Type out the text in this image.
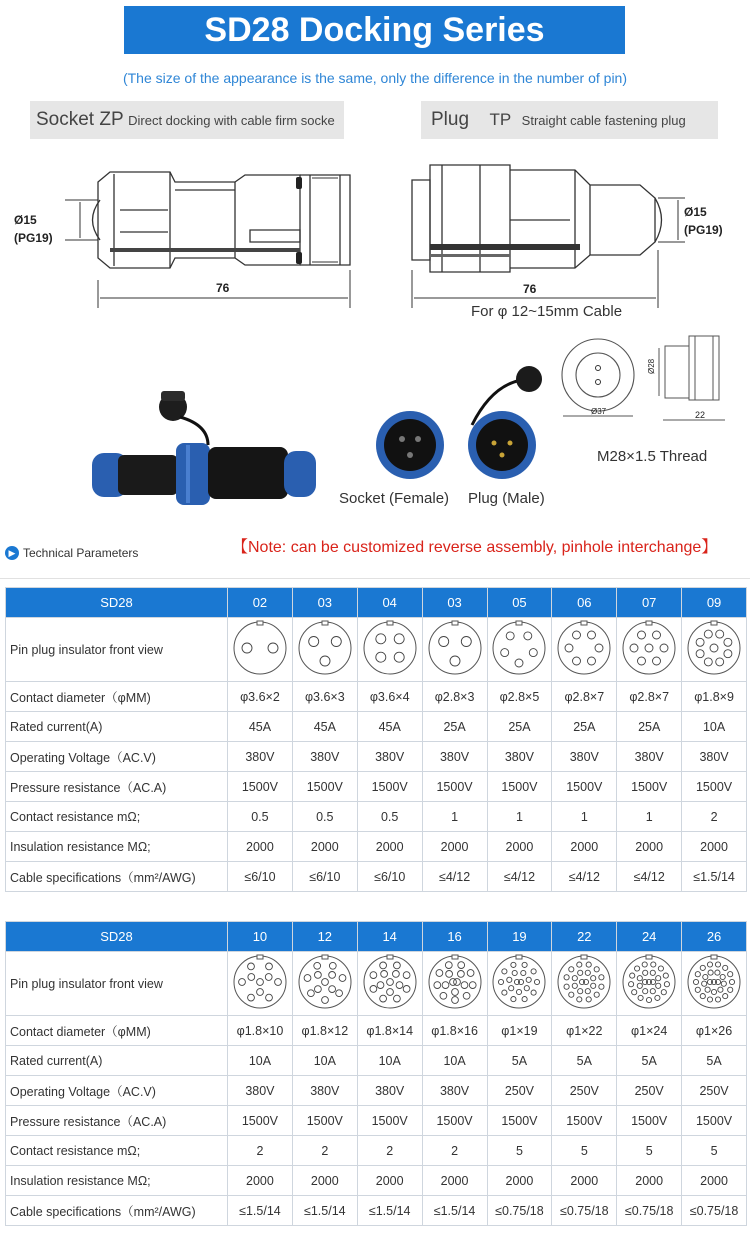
SD28 Docking Series
(The size of the appearance is the same, only the difference in the number of pin)
Socket ZP Direct docking with cable firm socke	Plug TP Straight cable fastening plug
Ø15
(PG19)
76
Ø15
(PG19)
76
For φ 12~15mm Cable
Ø37
Ø28
22
M28×1.5 Thread
Socket (Female) Plug (Male)
【Note: can be customized reverse assembly, pinhole interchange】
▶ Technical Parameters
SD28	02	03	04	03	05	06	07	09
Pin plug insulator front view								
Contact diameter（φMM)	φ3.6×2	φ3.6×3	φ3.6×4	φ2.8×3	φ2.8×5	φ2.8×7	φ2.8×7	φ1.8×9
Rated current(A)	45A	45A	45A	25A	25A	25A	25A	10A
Operating Voltage（AC.V)	380V	380V	380V	380V	380V	380V	380V	380V
Pressure resistance（AC.A)	1500V	1500V	1500V	1500V	1500V	1500V	1500V	1500V
Contact resistance mΩ;	0.5	0.5	0.5	1	1	1	1	2
Insulation resistance MΩ;	2000	2000	2000	2000	2000	2000	2000	2000
Cable specifications（mm²/AWG)	≤6/10	≤6/10	≤6/10	≤4/12	≤4/12	≤4/12	≤4/12	≤1.5/14
SD28	10	12	14	16	19	22	24	26
Pin plug insulator front view								
Contact diameter（φMM)	φ1.8×10	φ1.8×12	φ1.8×14	φ1.8×16	φ1×19	φ1×22	φ1×24	φ1×26
Rated current(A)	10A	10A	10A	10A	5A	5A	5A	5A
Operating Voltage（AC.V)	380V	380V	380V	380V	250V	250V	250V	250V
Pressure resistance（AC.A)	1500V	1500V	1500V	1500V	1500V	1500V	1500V	1500V
Contact resistance mΩ;	2	2	2	2	5	5	5	5
Insulation resistance MΩ;	2000	2000	2000	2000	2000	2000	2000	2000
Cable specifications（mm²/AWG)	≤1.5/14	≤1.5/14	≤1.5/14	≤1.5/14	≤0.75/18	≤0.75/18	≤0.75/18	≤0.75/18
